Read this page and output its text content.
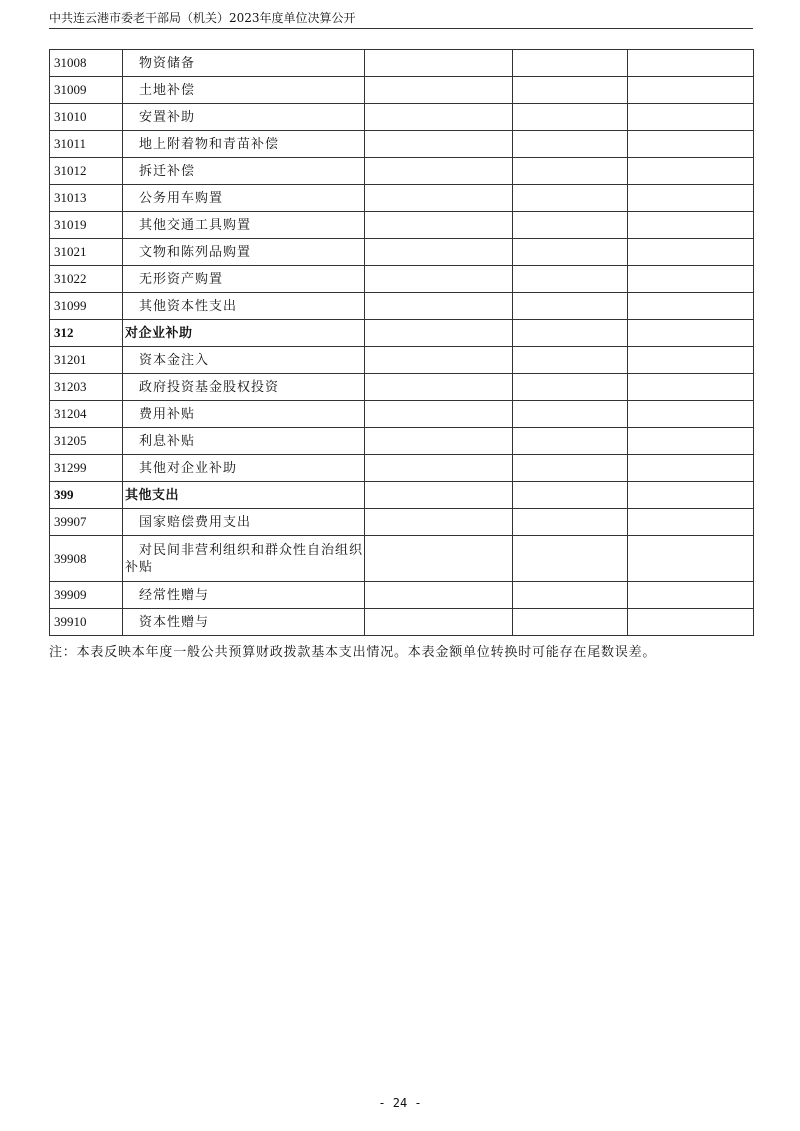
中共连云港市委老干部局（机关）2023年度单位决算公开
31008	物资储备			
31009	土地补偿			
31010	安置补助			
31011	地上附着物和青苗补偿			
31012	拆迁补偿			
31013	公务用车购置			
31019	其他交通工具购置			
31021	文物和陈列品购置			
31022	无形资产购置			
31099	其他资本性支出			
312	对企业补助			
31201	资本金注入			
31203	政府投资基金股权投资			
31204	费用补贴			
31205	利息补贴			
31299	其他对企业补助			
399	其他支出			
39907	国家赔偿费用支出			
39908	　对民间非营利组织和群众性自治组织补贴			
39909	经常性赠与			
39910	资本性赠与			
注：本表反映本年度一般公共预算财政拨款基本支出情况。本表金额单位转换时可能存在尾数误差。
- 24 -
